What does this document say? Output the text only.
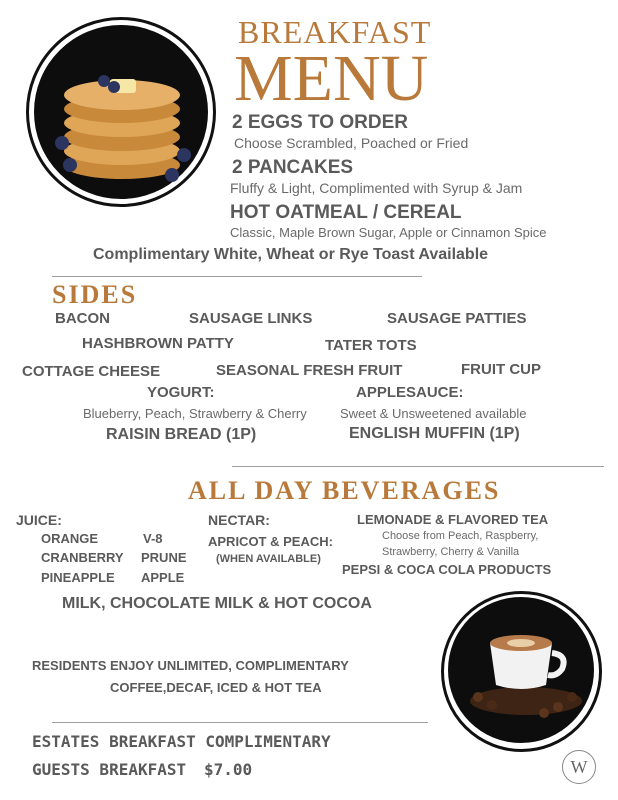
BREAKFAST
MENU
2 EGGS TO ORDER
Choose Scrambled, Poached or Fried
2 PANCAKES
Fluffy & Light, Complimented with Syrup & Jam
HOT OATMEAL / CEREAL
Classic, Maple Brown Sugar, Apple or Cinnamon Spice
Complimentary White, Wheat or Rye Toast Available
SIDES
BACON	SAUSAGE LINKS	SAUSAGE PATTIES
HASHBROWN PATTY	TATER TOTS
COTTAGE CHEESE	SEASONAL FRESH FRUIT	FRUIT CUP
YOGURT:	APPLESAUCE:
Blueberry, Peach, Strawberry & Cherry	Sweet & Unsweetened available
RAISIN BREAD (1P)	ENGLISH MUFFIN (1P)
ALL DAY BEVERAGES
JUICE:
ORANGE
CRANBERRY
PINEAPPLE
V-8
PRUNE
APPLE
NECTAR:
APRICOT & PEACH:
(WHEN AVAILABLE)
LEMONADE & FLAVORED TEA
Choose from Peach, Raspberry,
Strawberry, Cherry & Vanilla
PEPSI & COCA COLA PRODUCTS
MILK, CHOCOLATE MILK & HOT COCOA
RESIDENTS ENJOY UNLIMITED, COMPLIMENTARY
COFFEE,DECAF, ICED & HOT TEA
ESTATES BREAKFAST COMPLIMENTARY
GUESTS BREAKFAST $7.00	W
